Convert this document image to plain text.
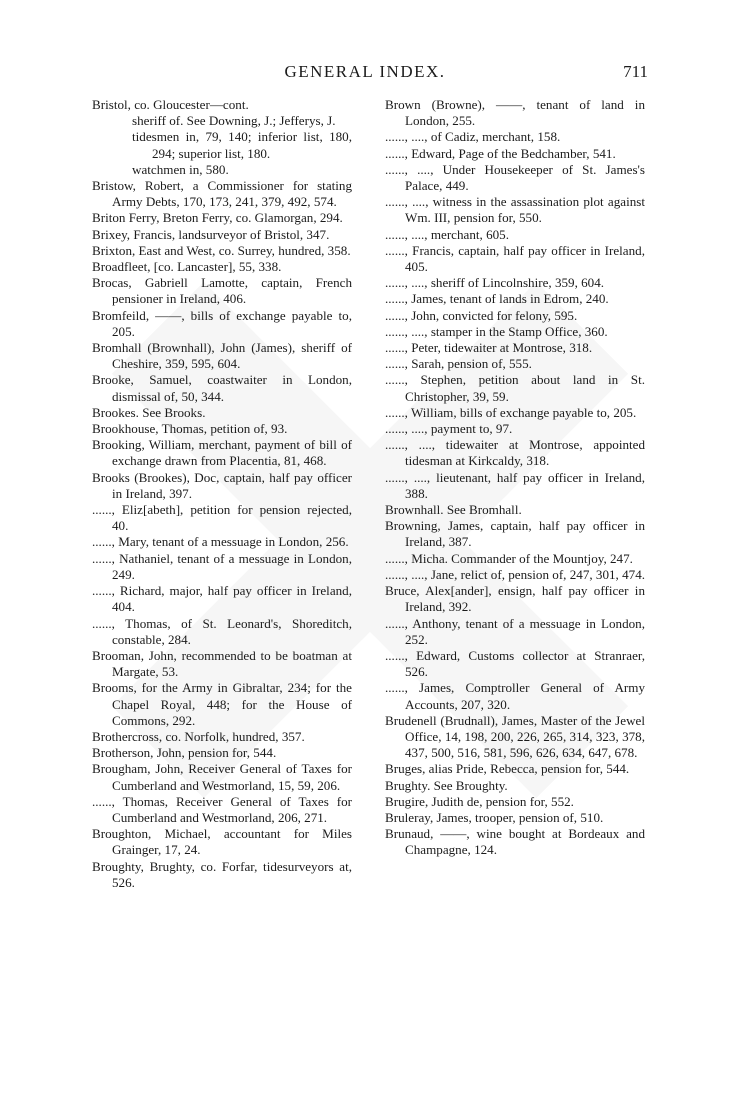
GENERAL INDEX.	711

Bristol, co. Gloucester—cont.

sheriff of. See Downing, J.; Jefferys, J.

tidesmen in, 79, 140; inferior list, 180, 294; superior list, 180.

watchmen in, 580.

Bristow, Robert, a Commissioner for stating Army Debts, 170, 173, 241, 379, 492, 574.

Briton Ferry, Breton Ferry, co. Glamorgan, 294.

Brixey, Francis, landsurveyor of Bristol, 347.

Brixton, East and West, co. Surrey, hundred, 358.

Broadfleet, [co. Lancaster], 55, 338.

Brocas, Gabriell Lamotte, captain, French pensioner in Ireland, 406.

Bromfeild, ——, bills of exchange payable to, 205.

Bromhall (Brownhall), John (James), sheriff of Cheshire, 359, 595, 604.

Brooke, Samuel, coastwaiter in London, dismissal of, 50, 344.

Brookes. See Brooks.

Brookhouse, Thomas, petition of, 93.

Brooking, William, merchant, payment of bill of exchange drawn from Placentia, 81, 468.

Brooks (Brookes), Doc, captain, half pay officer in Ireland, 397.

......, Eliz[abeth], petition for pension rejected, 40.

......, Mary, tenant of a messuage in London, 256.

......, Nathaniel, tenant of a messuage in London, 249.

......, Richard, major, half pay officer in Ireland, 404.

......, Thomas, of St. Leonard's, Shoreditch, constable, 284.

Brooman, John, recommended to be boatman at Margate, 53.

Brooms, for the Army in Gibraltar, 234; for the Chapel Royal, 448; for the House of Commons, 292.

Brothercross, co. Norfolk, hundred, 357.

Brotherson, John, pension for, 544.

Brougham, John, Receiver General of Taxes for Cumberland and Westmorland, 15, 59, 206.

......, Thomas, Receiver General of Taxes for Cumberland and Westmorland, 206, 271.

Broughton, Michael, accountant for Miles Grainger, 17, 24.

Broughty, Brughty, co. Forfar, tidesurveyors at, 526.

Brown (Browne), ——, tenant of land in London, 255.

......, ...., of Cadiz, merchant, 158.

......, Edward, Page of the Bedchamber, 541.

......, ...., Under Housekeeper of St. James's Palace, 449.

......, ...., witness in the assassination plot against Wm. III, pension for, 550.

......, ...., merchant, 605.

......, Francis, captain, half pay officer in Ireland, 405.

......, ...., sheriff of Lincolnshire, 359, 604.

......, James, tenant of lands in Edrom, 240.

......, John, convicted for felony, 595.

......, ...., stamper in the Stamp Office, 360.

......, Peter, tidewaiter at Montrose, 318.

......, Sarah, pension of, 555.

......, Stephen, petition about land in St. Christopher, 39, 59.

......, William, bills of exchange payable to, 205.

......, ...., payment to, 97.

......, ...., tidewaiter at Montrose, appointed tidesman at Kirkcaldy, 318.

......, ...., lieutenant, half pay officer in Ireland, 388.

Brownhall. See Bromhall.

Browning, James, captain, half pay officer in Ireland, 387.

......, Micha. Commander of the Mountjoy, 247.

......, ...., Jane, relict of, pension of, 247, 301, 474.

Bruce, Alex[ander], ensign, half pay officer in Ireland, 392.

......, Anthony, tenant of a messuage in London, 252.

......, Edward, Customs collector at Stranraer, 526.

......, James, Comptroller General of Army Accounts, 207, 320.

Brudenell (Brudnall), James, Master of the Jewel Office, 14, 198, 200, 226, 265, 314, 323, 378, 437, 500, 516, 581, 596, 626, 634, 647, 678.

Bruges, alias Pride, Rebecca, pension for, 544.

Brughty. See Broughty.

Brugire, Judith de, pension for, 552.

Bruleray, James, trooper, pension of, 510.

Brunaud, ——, wine bought at Bordeaux and Champagne, 124.
